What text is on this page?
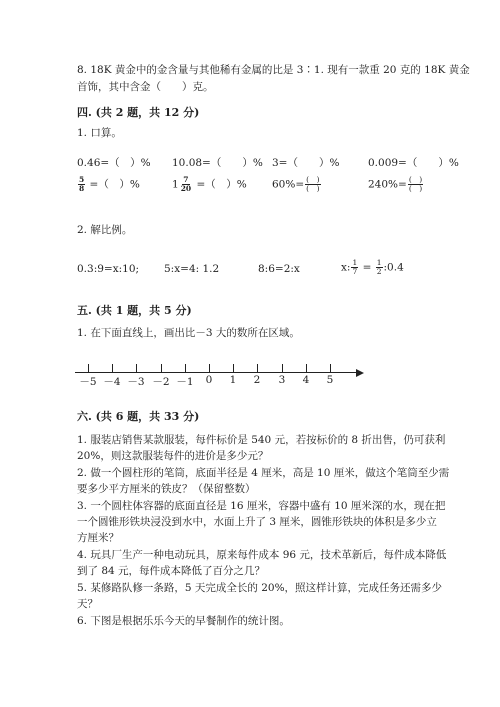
8. 18K 黄金中的金含量与其他稀有金属的比是 3∶1. 现有一款重 20 克的 18K 黄金
首饰，其中含金（　　）克。
四. (共 2 题，共 12 分)
1. 口算。
0.46=（　）% 10.08=（　　）% 3=（　　）%	0.009=（　　）%
$\frac{5}{8}$ =（　）%	$1 \frac{7}{20}$ =（　）% $60\%= \frac{( )}{( )}$	$240\%= \frac{( )}{( )}$
2. 解比例。
0.3:9=x:10; 5:x=4: 1.2	8:6=2:x	x: $\frac{1}{7} = \frac{1}{2}$ :0.4
五. (共 1 题，共 5 分)
1. 在下面直线上，画出比－3 大的数所在区域。
－5 －4 －3 －2 －1	0	1	2	3	4	5
六. (共 6 题，共 33 分)
1. 服装店销售某款服装，每件标价是 540 元，若按标价的 8 折出售，仍可获利
20%，则这款服装每件的进价是多少元？
2. 做一个圆柱形的笔筒，底面半径是 4 厘米，高是 10 厘米，做这个笔筒至少需
要多少平方厘米的铁皮？（保留整数）
3. 一个圆柱体容器的底面直径是 16 厘米，容器中盛有 10 厘米深的水，现在把
一个圆锥形铁块浸没到水中，水面上升了 3 厘米，圆锥形铁块的体积是多少立
方厘米？
4. 玩具厂生产一种电动玩具，原来每件成本 96 元，技术革新后，每件成本降低
到了 84 元，每件成本降低了百分之几？
5. 某修路队修一条路，5 天完成全长的 20%，照这样计算，完成任务还需多少
天？
6. 下图是根据乐乐今天的早餐制作的统计图。
